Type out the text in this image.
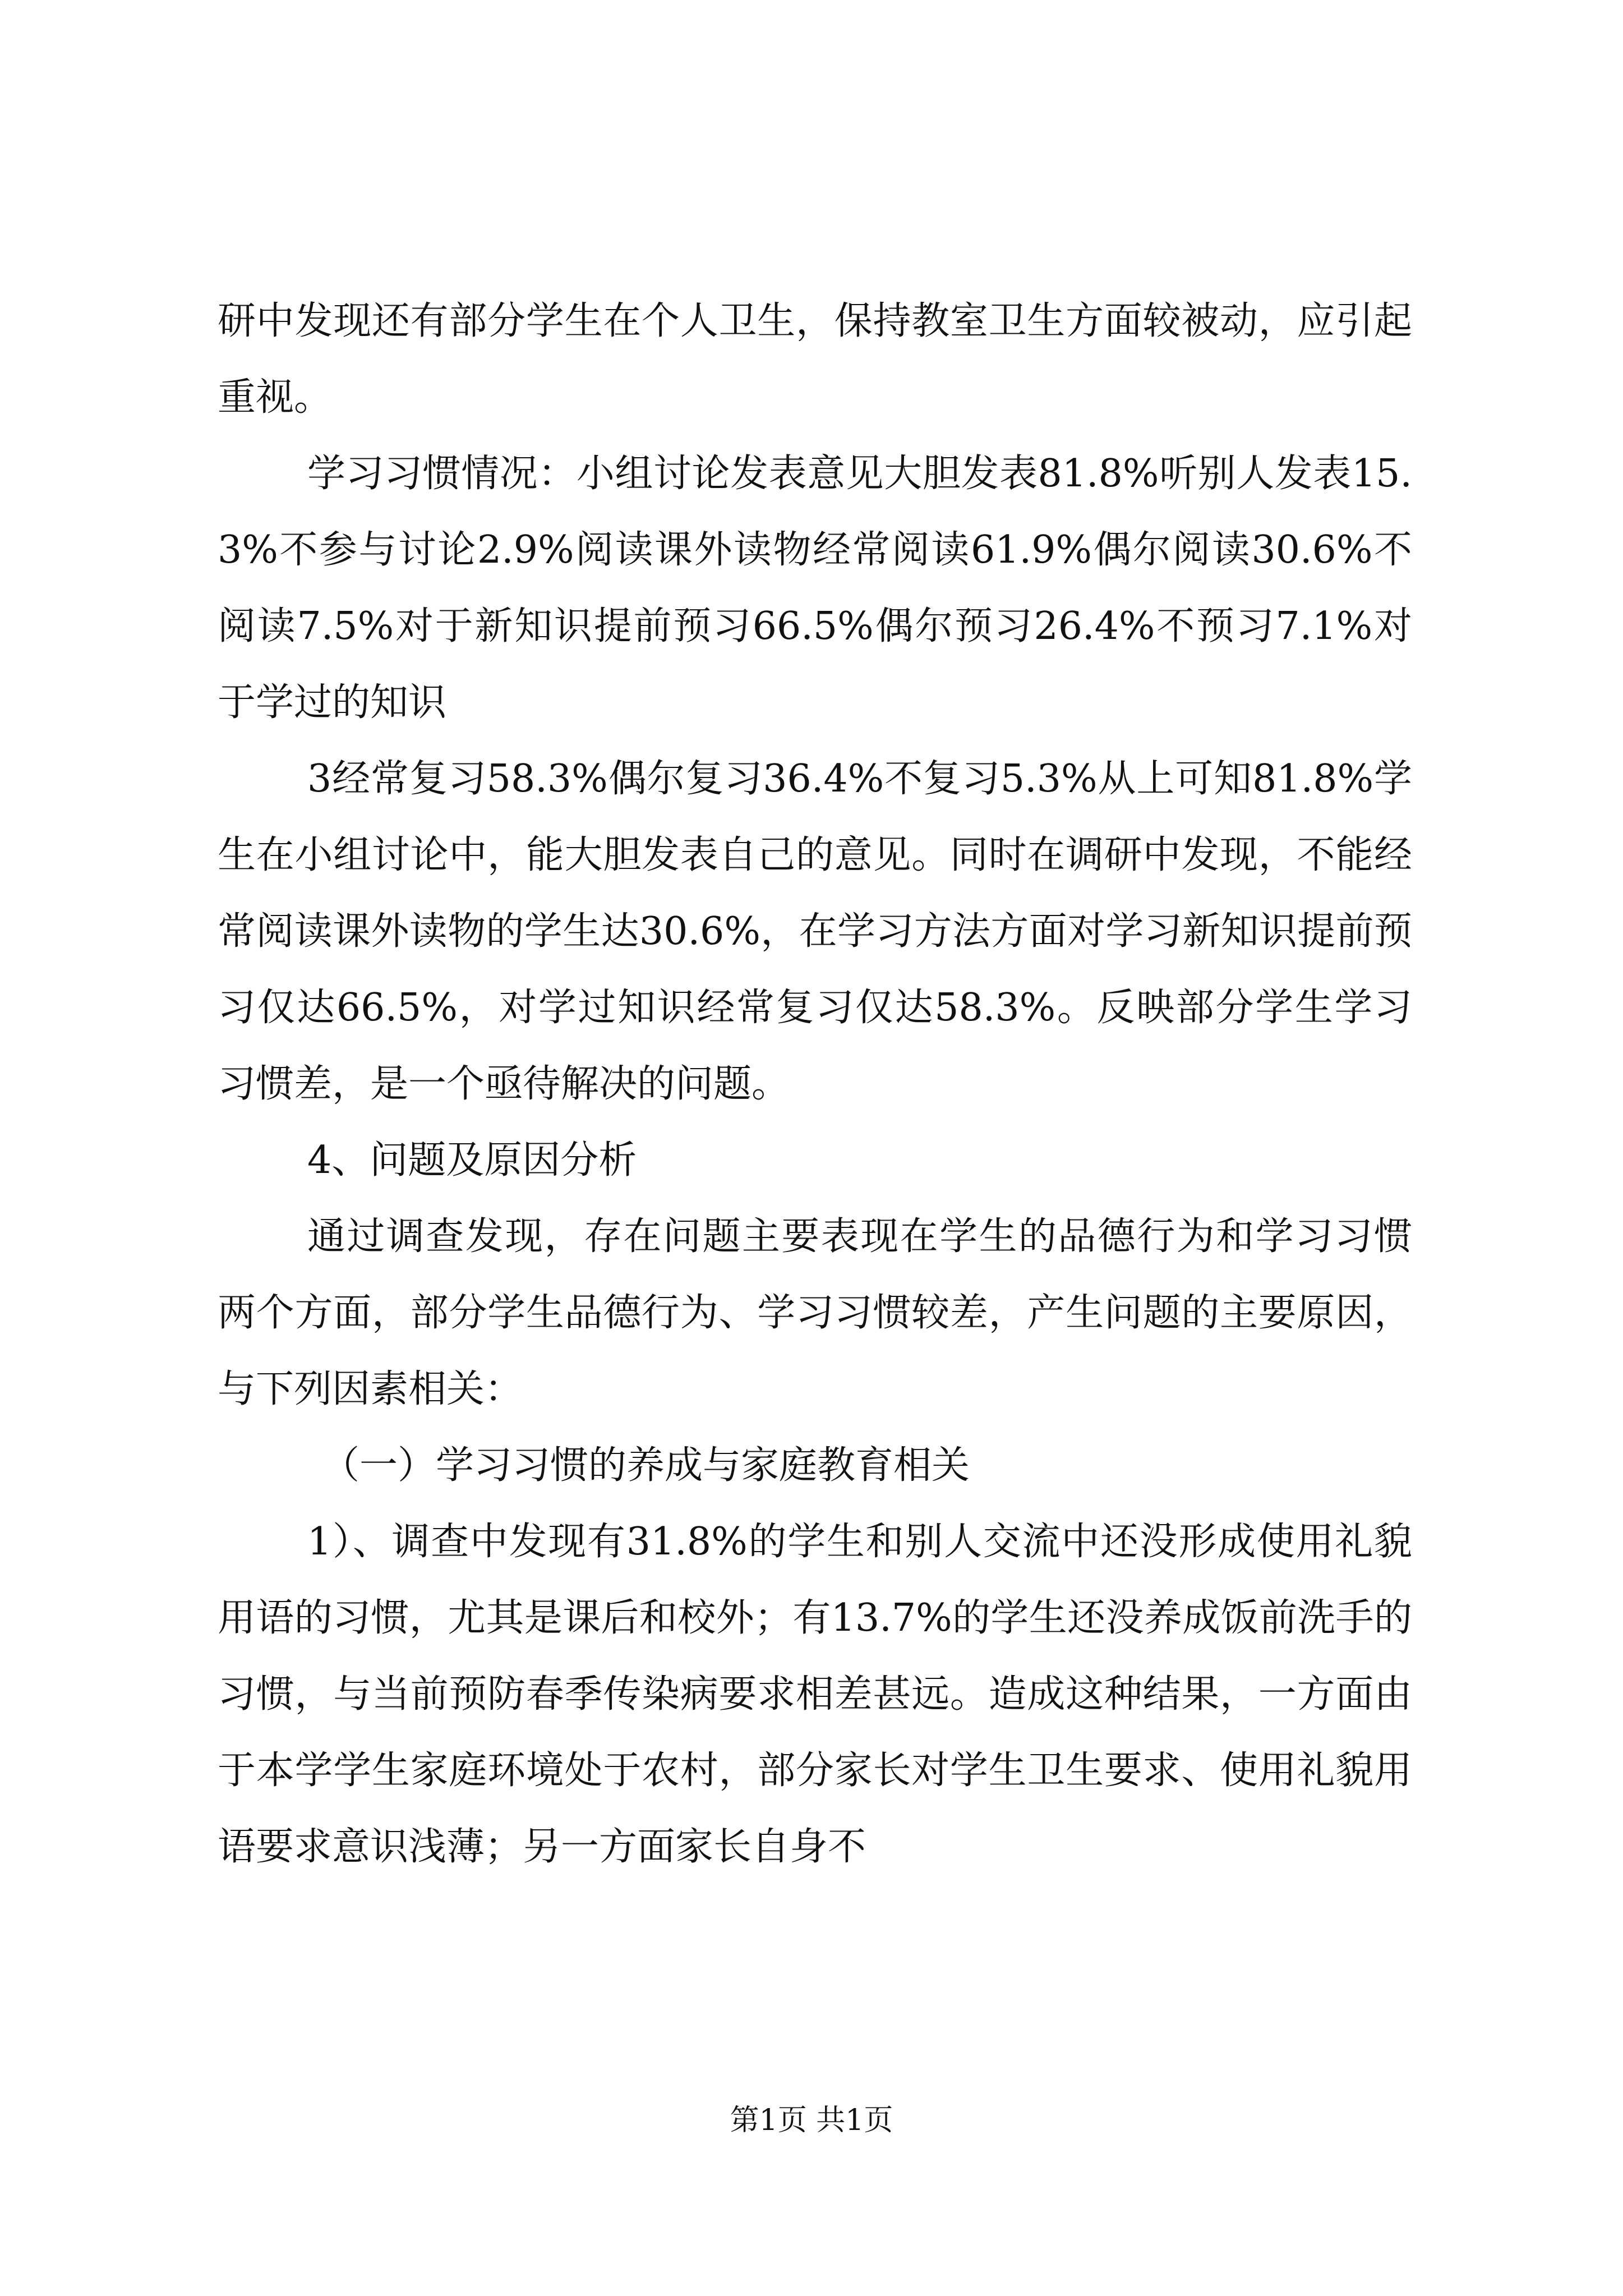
研中发现还有部分学生在个人卫生，保持教室卫生方面较被动，应引起重视。

学习习惯情况：小组讨论发表意见大胆发表81.8%听别人发表15.3%不参与讨论2.9%阅读课外读物经常阅读61.9%偶尔阅读30.6%不阅读7.5%对于新知识提前预习66.5%偶尔预习26.4%不预习7.1%对于学过的知识

3经常复习58.3%偶尔复习36.4%不复习5.3%从上可知81.8%学生在小组讨论中，能大胆发表自己的意见。同时在调研中发现，不能经常阅读课外读物的学生达30.6%，在学习方法方面对学习新知识提前预习仅达66.5%，对学过知识经常复习仅达58.3%。反映部分学生学习习惯差，是一个亟待解决的问题。

4、问题及原因分析

通过调查发现，存在问题主要表现在学生的品德行为和学习习惯两个方面，部分学生品德行为、学习习惯较差，产生问题的主要原因，与下列因素相关：

（一）学习习惯的养成与家庭教育相关

1）、调查中发现有31.8%的学生和别人交流中还没形成使用礼貌用语的习惯，尤其是课后和校外；有13.7%的学生还没养成饭前洗手的习惯，与当前预防春季传染病要求相差甚远。造成这种结果，一方面由于本学学生家庭环境处于农村，部分家长对学生卫生要求、使用礼貌用语要求意识浅薄；另一方面家长自身不

第1页 共1页
